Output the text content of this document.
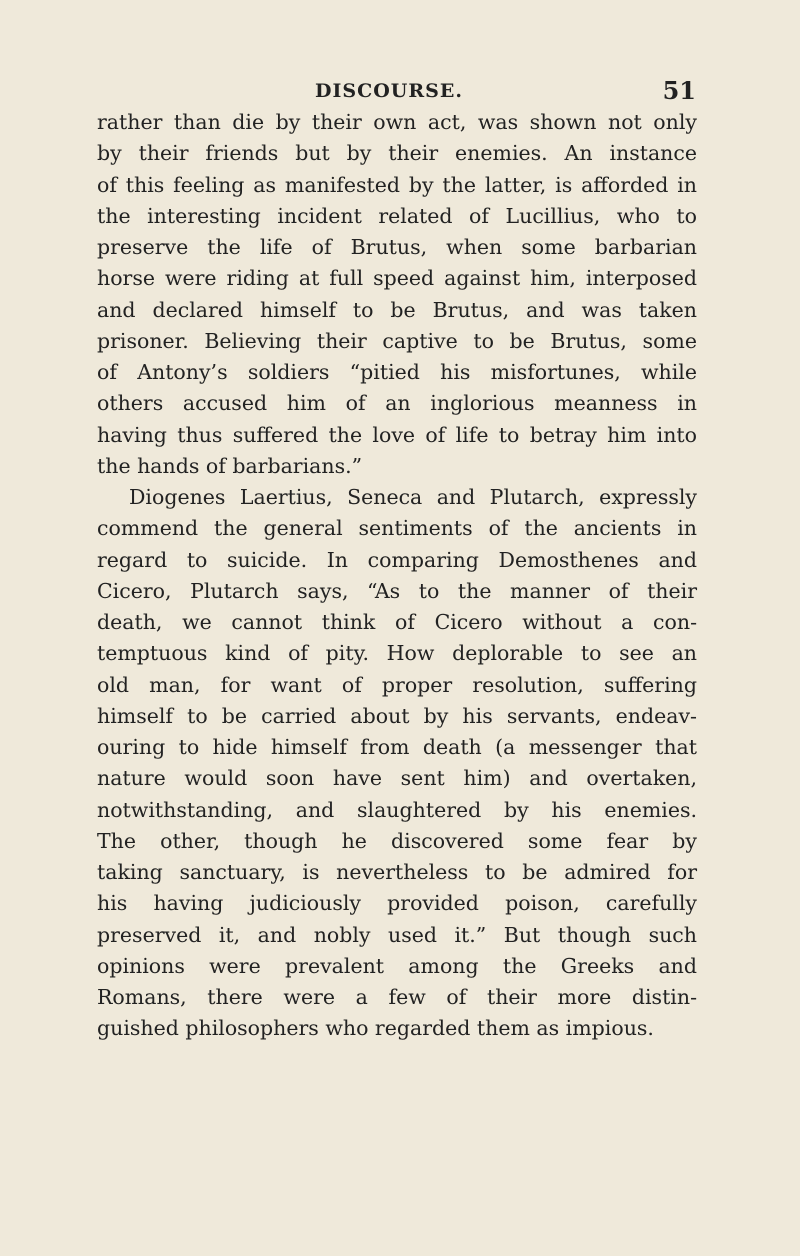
DISCOURSE.	51

rather than die by their own act, was shown not only
by their friends but by their enemies. An instance
of this feeling as manifested by the latter, is afforded in
the interesting incident related of Lucillius, who to
preserve the life of Brutus, when some barbarian
horse were riding at full speed against him, interposed
and declared himself to be Brutus, and was taken
prisoner. Believing their captive to be Brutus, some
of Antony’s soldiers “pitied his misfortunes, while
others accused him of an inglorious meanness in
having thus suffered the love of life to betray him into
the hands of barbarians.”

Diogenes Laertius, Seneca and Plutarch, expressly
commend the general sentiments of the ancients in
regard to suicide. In comparing Demosthenes and
Cicero, Plutarch says, “As to the manner of their
death, we cannot think of Cicero without a con-
temptuous kind of pity. How deplorable to see an
old man, for want of proper resolution, suffering
himself to be carried about by his servants, endeav-
ouring to hide himself from death (a messenger that
nature would soon have sent him) and overtaken,
notwithstanding, and slaughtered by his enemies.
The other, though he discovered some fear by
taking sanctuary, is nevertheless to be admired for
his having judiciously provided poison, carefully
preserved it, and nobly used it.” But though such
opinions were prevalent among the Greeks and
Romans, there were a few of their more distin-
guished philosophers who regarded them as impious.
